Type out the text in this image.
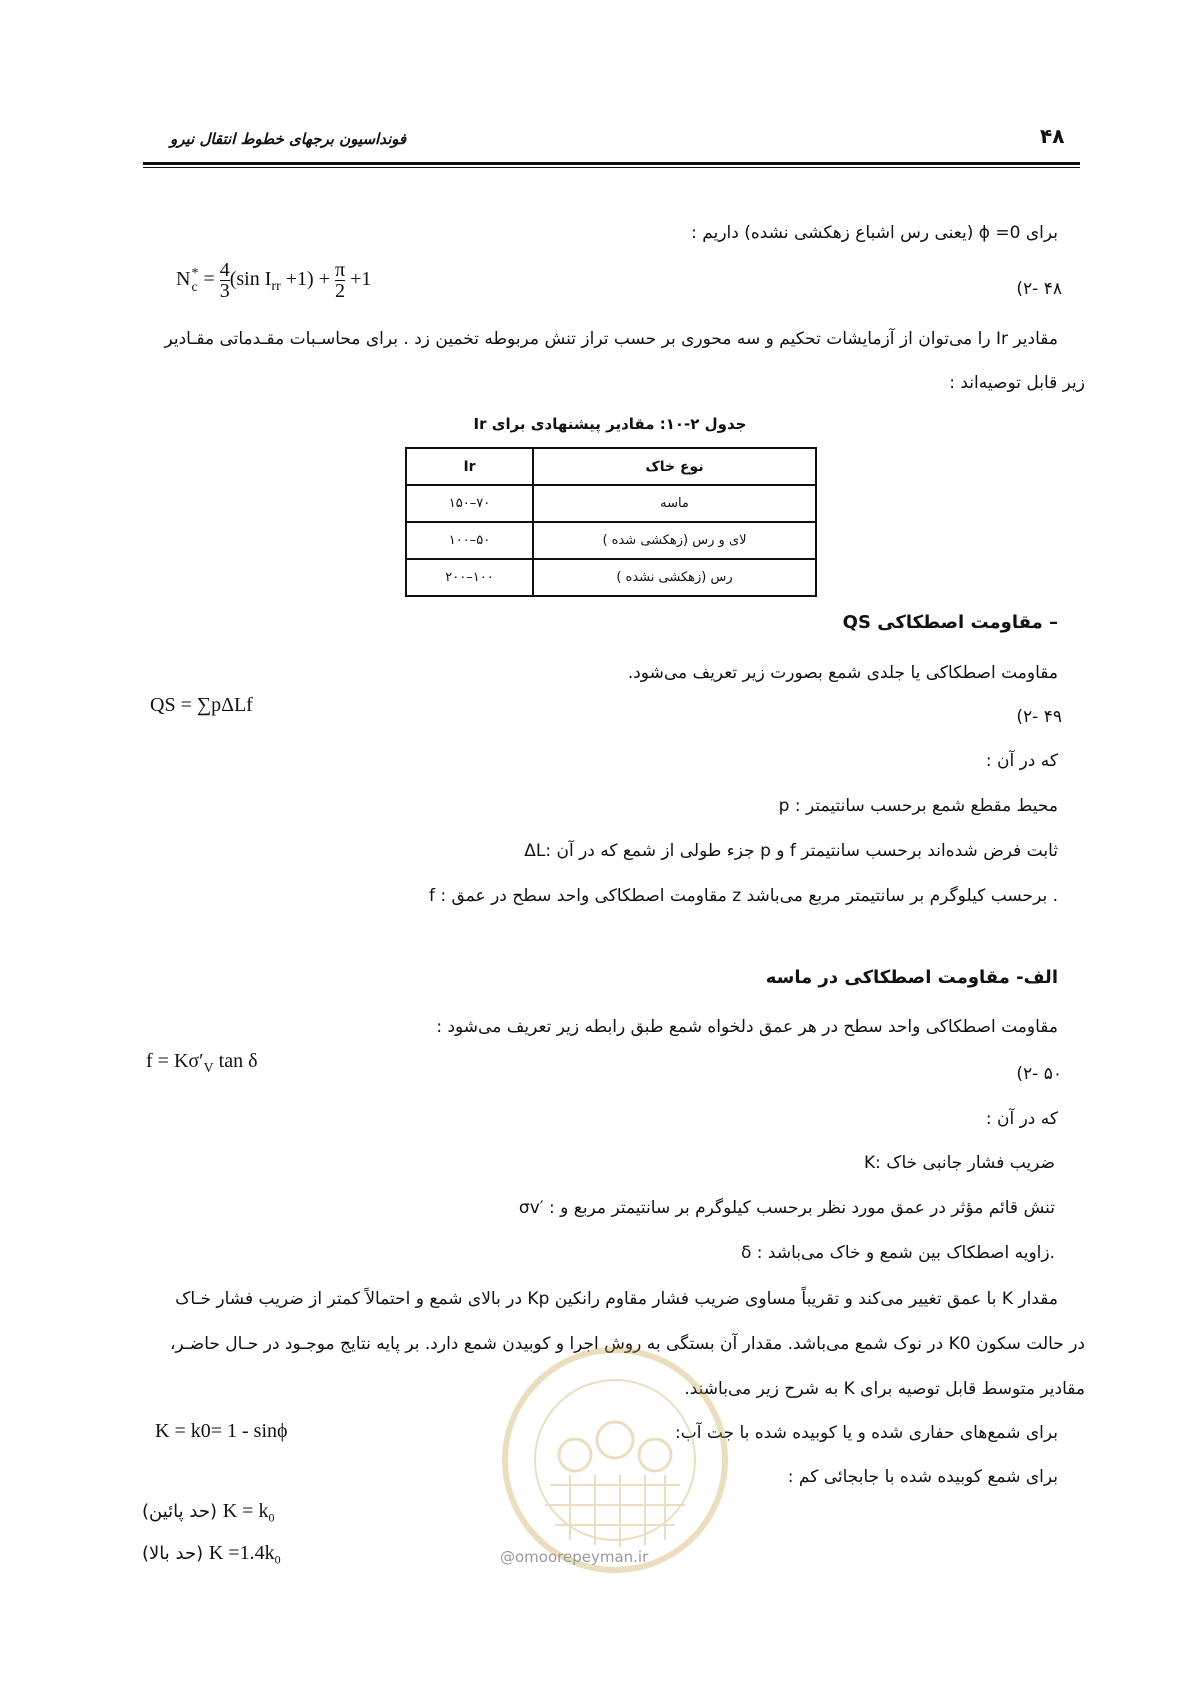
۴۸
فونداسیون برجهای خطوط انتقال نیرو
برای 0= ϕ (یعنی رس اشباع زهکشی نشده) داریم :
(۲- ۴۸
N *
$c = \frac{4}{3} (\sin$ $I_{rr} +1) + \frac{\pi}{2} +1$
مقادیر Ir را می‌توان از آزمایشات تحکیم و سه محوری بر حسب تراز تنش مربوطه تخمین زد . برای محاسـبات مقـدماتی مقـادیر
زیر قابل توصیه‌اند :
جدول ۲-۱۰: مقادیر پیشنهادی برای Ir
نوع خاک	Ir
ماسه	۷۰–۱۵۰
لای و رس (زهکشی شده )	۵۰–۱۰۰
رس (زهکشی نشده )	۱۰۰–۲۰۰
– مقاومت اصطکاکی QS
مقاومت اصطکاکی یا جلدی شمع بصورت زیر تعریف می‌شود.
QS = ∑pΔLf
(۲- ۴۹
که در آن :
p : محیط مقطع شمع برحسب سانتیمتر
ΔL: جزء طولی از شمع که در آن p و f ثابت فرض شده‌اند برحسب سانتیمتر
f : مقاومت اصطکاکی واحد سطح در عمق z برحسب کیلوگرم بر سانتیمتر مربع می‌باشد .
الف- مقاومت اصطکاکی در ماسه
مقاومت اصطکاکی واحد سطح در هر عمق دلخواه شمع طبق رابطه زیر تعریف می‌شود :
$f = K\sigma'_V$ tan δ
(۲- ۵۰
که در آن :
K: ضریب فشار جانبی خاک
σv′ : تنش قائم مؤثر در عمق مورد نظر برحسب کیلوگرم بر سانتیمتر مربع و
δ : زاویه اصطکاک بین شمع و خاک می‌باشد.
مقدار K با عمق تغییر می‌کند و تقریباً مساوی ضریب فشار مقاوم رانکین Kp در بالای شمع و احتمالاً کمتر از ضریب فشار خـاک
در حالت سکون K0 در نوک شمع می‌باشد. مقدار آن بستگی به روش اجرا و کوبیدن شمع دارد. بر پایه نتایج موجـود در حـال حاضـر،
مقادیر متوسط قابل توصیه برای K به شرح زیر می‌باشند.
برای شمع‌های حفاری شده و یا کوبیده شده با جت آب:
K = k0= 1 - sinϕ
برای شمع کوبیده شده با جابجائی کم :
(حد پائین) $K = k_0$
(حد بالا) $K =1.4k_0$	@omoorepeyman.ir
